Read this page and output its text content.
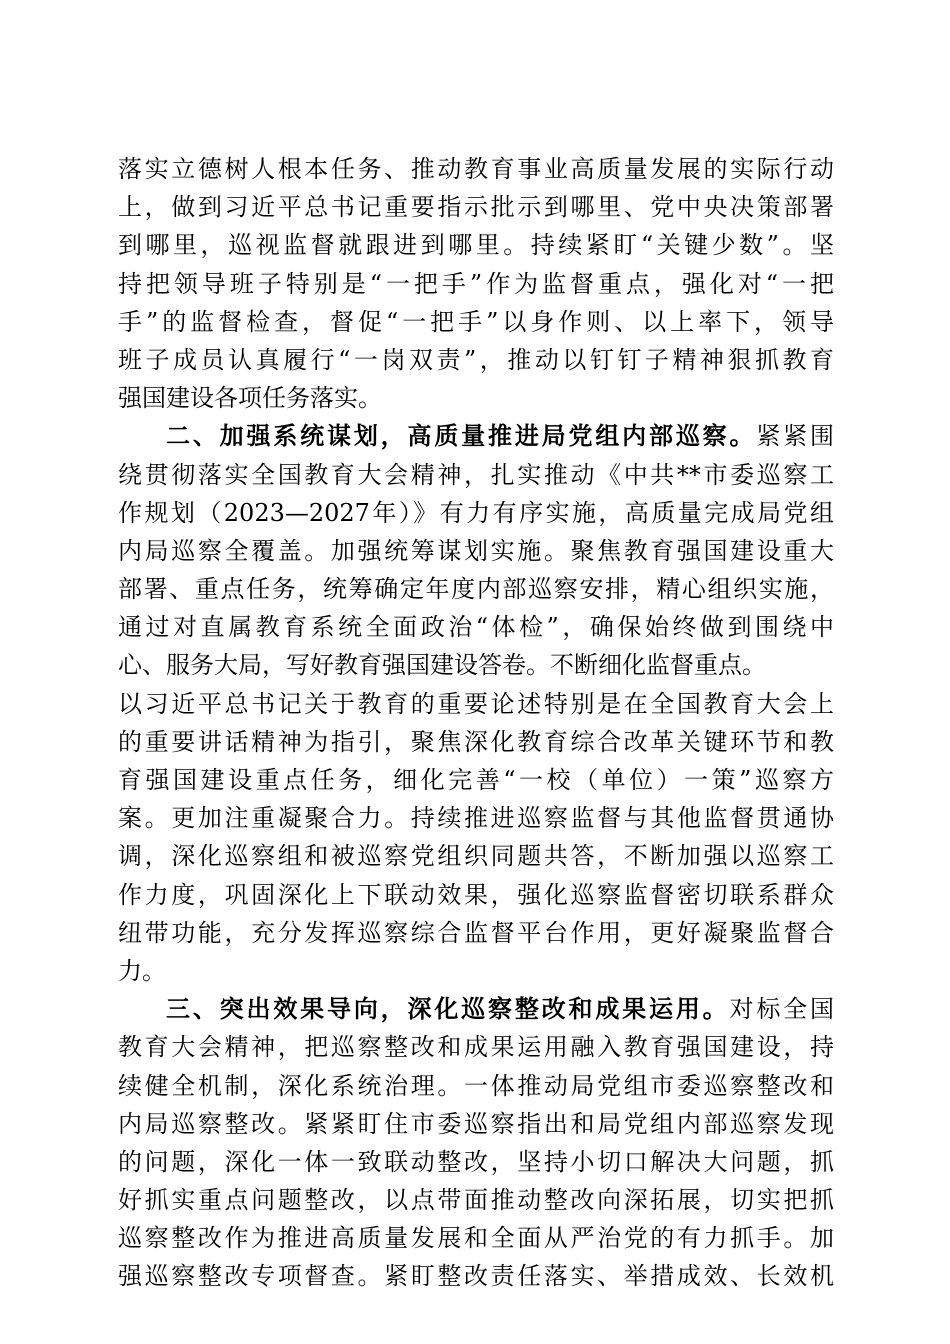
落实立德树人根本任务、推动教育事业高质量发展的实际行动
上，做到习近平总书记重要指示批示到哪里、党中央决策部署
到哪里，巡视监督就跟进到哪里。持续紧盯“关键少数”。坚
持把领导班子特别是“一把手”作为监督重点，强化对“一把
手”的监督检查，督促“一把手”以身作则、以上率下，领导
班子成员认真履行“一岗双责”，推动以钉钉子精神狠抓教育
强国建设各项任务落实。
二、加强系统谋划，高质量推进局党组内部巡察。紧紧围
绕贯彻落实全国教育大会精神，扎实推动《中共**市委巡察工
作规划（2023—2027年）》有力有序实施，高质量完成局党组
内局巡察全覆盖。加强统筹谋划实施。聚焦教育强国建设重大
部署、重点任务，统筹确定年度内部巡察安排，精心组织实施，
通过对直属教育系统全面政治“体检”，确保始终做到围绕中
心、服务大局，写好教育强国建设答卷。不断细化监督重点。
以习近平总书记关于教育的重要论述特别是在全国教育大会上
的重要讲话精神为指引，聚焦深化教育综合改革关键环节和教
育强国建设重点任务，细化完善“一校（单位）一策”巡察方
案。更加注重凝聚合力。持续推进巡察监督与其他监督贯通协
调，深化巡察组和被巡察党组织同题共答，不断加强以巡察工
作力度，巩固深化上下联动效果，强化巡察监督密切联系群众
纽带功能，充分发挥巡察综合监督平台作用，更好凝聚监督合
力。
三、突出效果导向，深化巡察整改和成果运用。对标全国
教育大会精神，把巡察整改和成果运用融入教育强国建设，持
续健全机制，深化系统治理。一体推动局党组市委巡察整改和
内局巡察整改。紧紧盯住市委巡察指出和局党组内部巡察发现
的问题，深化一体一致联动整改，坚持小切口解决大问题，抓
好抓实重点问题整改，以点带面推动整改向深拓展，切实把抓
巡察整改作为推进高质量发展和全面从严治党的有力抓手。加
强巡察整改专项督查。紧盯整改责任落实、举措成效、长效机
